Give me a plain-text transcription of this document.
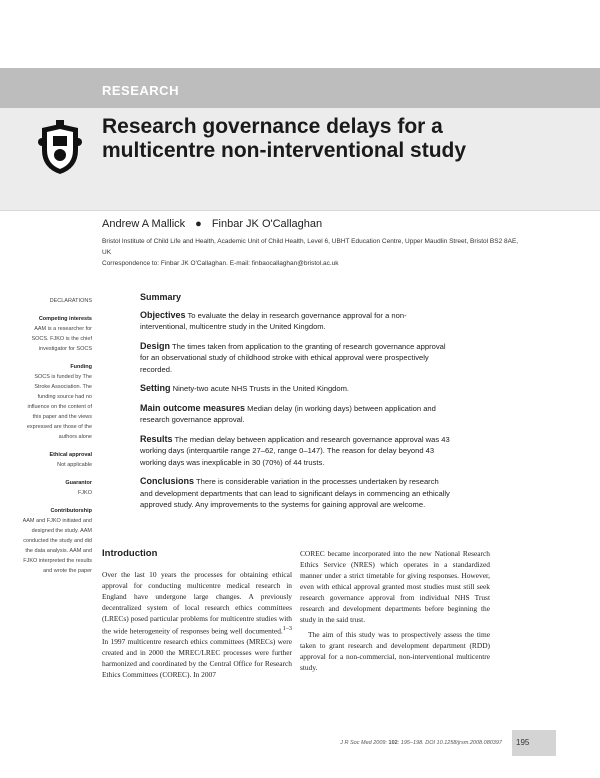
RESEARCH
Research governance delays for a multicentre non-interventional study
Andrew A Mallick ● Finbar JK O'Callaghan
Bristol Institute of Child Life and Health, Academic Unit of Child Health, Level 6, UBHT Education Centre, Upper Maudlin Street, Bristol BS2 8AE, UK
Correspondence to: Finbar JK O'Callaghan. E-mail: finbaocallaghan@bristol.ac.uk
DECLARATIONS
Competing interests
AAM is a researcher for SOCS. FJKO is the chief investigator for SOCS
Funding
SOCS is funded by The Stroke Association. The funding source had no influence on the content of this paper and the views expressed are those of the authors alone
Ethical approval
Not applicable
Guarantor
FJKO
Contributorship
AAM and FJKO initiated and designed the study. AAM conducted the study and did the data analysis. AAM and FJKO interpreted the results and wrote the paper
Summary

Objectives To evaluate the delay in research governance approval for a non-interventional, multicentre study in the United Kingdom.

Design The times taken from application to the granting of research governance approval for an observational study of childhood stroke with ethical approval were prospectively recorded.

Setting Ninety-two acute NHS Trusts in the United Kingdom.

Main outcome measures Median delay (in working days) between application and research governance approval.

Results The median delay between application and research governance approval was 43 working days (interquartile range 27–62, range 0–147). The reason for delay beyond 43 working days was inexplicable in 30 (70%) of 44 trusts.

Conclusions There is considerable variation in the processes undertaken by research and development departments that can lead to significant delays in commencing an ethically approved study. Any improvements to the systems for gaining approval are welcome.

Introduction

Over the last 10 years the processes for obtaining ethical approval for conducting multicentre medical research in England have undergone large changes. A previously decentralized system of local research ethics committees (LRECs) posed particular problems for multicentre studies with the wide heterogeneity of responses being well documented.$^{1-3}$ In 1997 multicentre research ethics committees (MRECs) were created and in 2000 the MREC/LREC processes were further harmonized and coordinated by the Central Office for Research Ethics Committees (COREC). In 2007

COREC became incorporated into the new National Research Ethics Service (NRES) which operates in a standardized manner under a strict timetable for giving responses. However, even with ethical approval granted most studies must still seek research governance approval from individual NHS Trust research and development departments before beginning the study in the said trust.

The aim of this study was to prospectively assess the time taken to grant research and development department (RDD) approval for a non-commercial, non-interventional multicentre study.

J R Soc Med 2009: 102: 195–198. DOI 10.1258/jrsm.2008.080397 195
